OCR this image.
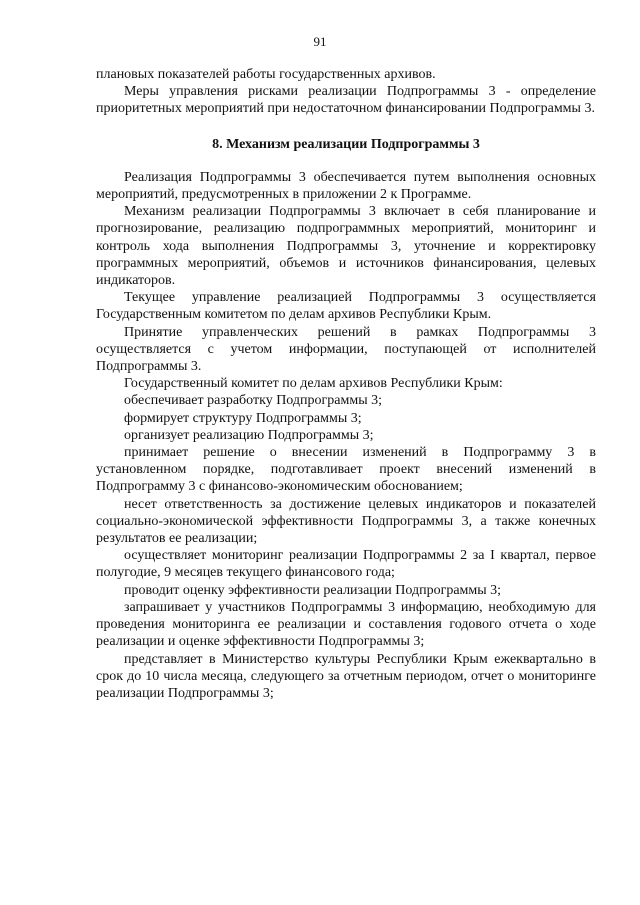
91

плановых показателей работы государственных архивов.

Меры управления рисками реализации Подпрограммы 3 - определение приоритетных мероприятий при недостаточном финансировании Подпрограммы 3.

8. Механизм реализации Подпрограммы 3

Реализация Подпрограммы 3 обеспечивается путем выполнения основных мероприятий, предусмотренных в приложении 2 к Программе.

Механизм реализации Подпрограммы 3 включает в себя планирование и прогнозирование, реализацию подпрограммных мероприятий, мониторинг и контроль хода выполнения Подпрограммы 3, уточнение и корректировку программных мероприятий, объемов и источников финансирования, целевых индикаторов.

Текущее управление реализацией Подпрограммы 3 осуществляется Государственным комитетом по делам архивов Республики Крым.

Принятие управленческих решений в рамках Подпрограммы 3 осуществляется с учетом информации, поступающей от исполнителей Подпрограммы 3.

Государственный комитет по делам архивов Республики Крым:

обеспечивает разработку Подпрограммы 3;

формирует структуру Подпрограммы 3;

организует реализацию Подпрограммы 3;

принимает решение о внесении изменений в Подпрограмму 3 в установленном порядке, подготавливает проект внесений изменений в Подпрограмму 3 с финансово-экономическим обоснованием;

несет ответственность за достижение целевых индикаторов и показателей социально-экономической эффективности Подпрограммы 3, а также конечных результатов ее реализации;

осуществляет мониторинг реализации Подпрограммы 2 за I квартал, первое полугодие, 9 месяцев текущего финансового года;

проводит оценку эффективности реализации Подпрограммы 3;

запрашивает у участников Подпрограммы 3 информацию, необходимую для проведения мониторинга ее реализации и составления годового отчета о ходе реализации и оценке эффективности Подпрограммы 3;

представляет в Министерство культуры Республики Крым ежеквартально в срок до 10 числа месяца, следующего за отчетным периодом, отчет о мониторинге реализации Подпрограммы 3;
